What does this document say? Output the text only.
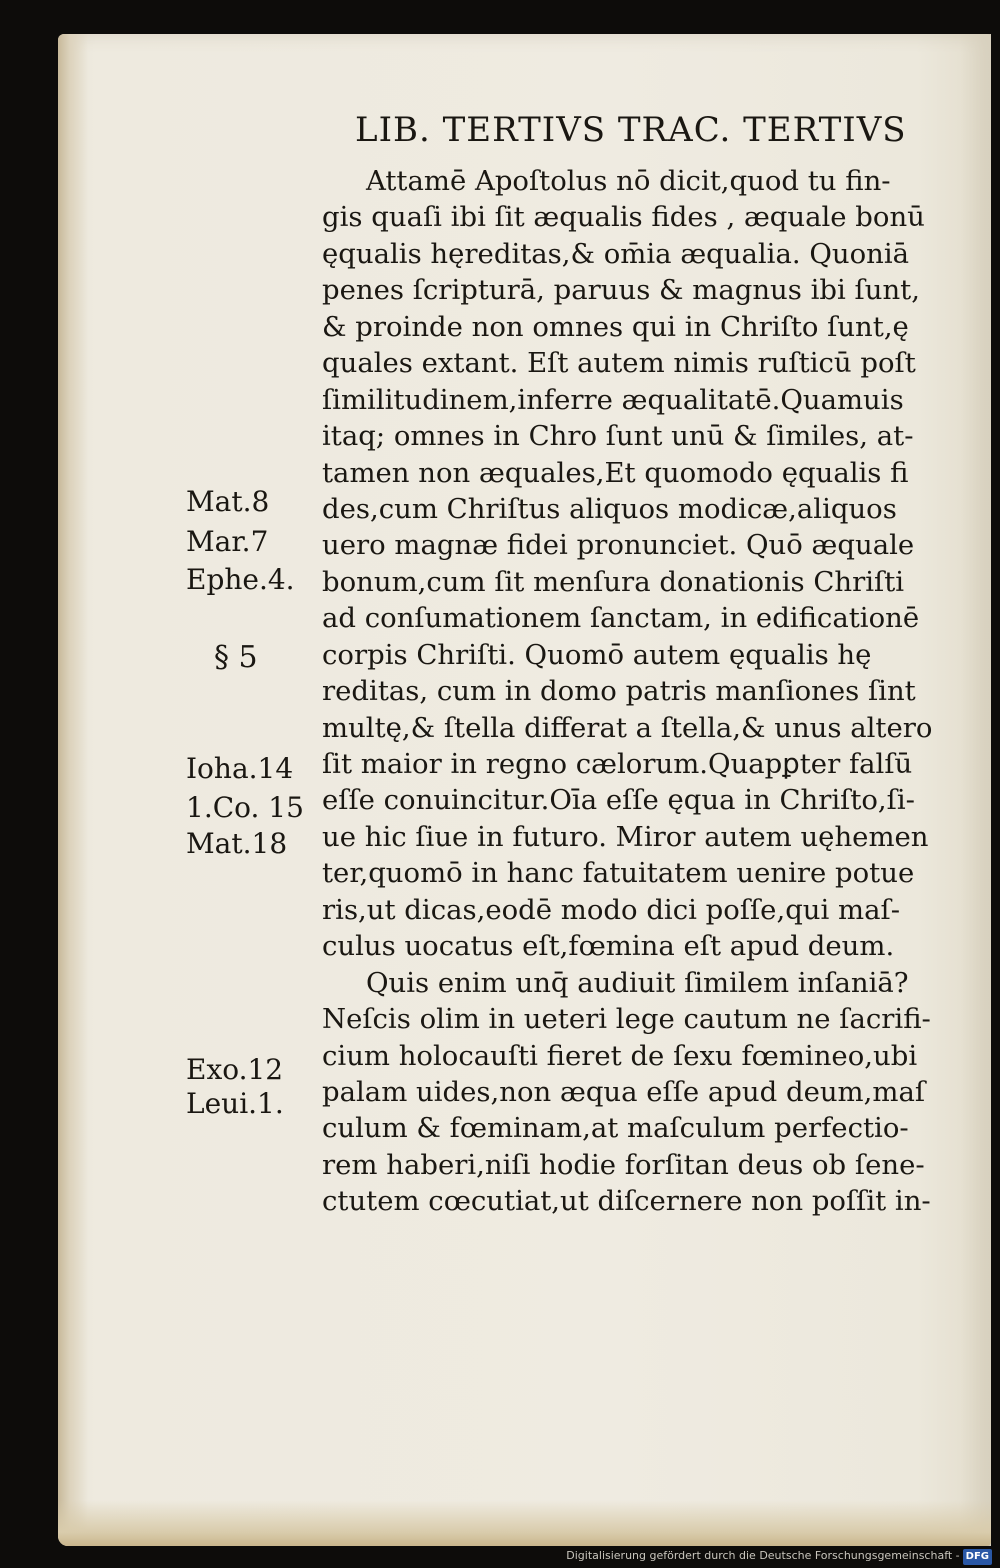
LIB. TERTIVS TRAC. TERTIVS
Attamē Apoſtolus nō dicit,quod tu fin-
gis quaſi ibi ſit æqualis fides , æquale bonū
ęqualis hęreditas,& om̄ia æqualia. Quoniā
penes ſcripturā, paruus & magnus ibi ſunt,
& proinde non omnes qui in Chriſto ſunt,ę
quales extant. Eſt autem nimis ruſticū poſt
ſimilitudinem,inferre æqualitatē.Quamuis
itaq; omnes in Chro ſunt unū & ſimiles, at-
tamen non æquales,Et quomodo ęqualis fi
des,cum Chriſtus aliquos modicæ,aliquos
uero magnæ fidei pronunciet. Quō æquale
bonum,cum ſit menſura donationis Chriſti
ad conſumationem ſanctam, in edificationē
corpis Chriſti. Quomō autem ęqualis hę
reditas, cum in domo patris manſiones ſint
multę,& ſtella differat a ſtella,& unus altero
ſit maior in regno cælorum.Quapꝑter falſū
eſſe conuincitur.Oīa eſſe ęqua in Chriſto,ſi-
ue hic ſiue in futuro. Miror autem uęhemen
ter,quomō in hanc fatuitatem uenire potue
ris,ut dicas,eodē modo dici poſſe,qui maſ-
culus uocatus eſt,fœmina eſt apud deum.
Quis enim unq̄ audiuit ſimilem inſaniā?
Neſcis olim in ueteri lege cautum ne ſacrifi-
cium holocauſti fieret de ſexu fœmineo,ubi
palam uides,non æqua eſſe apud deum,maſ
culum & fœminam,at maſculum perfectio-
rem haberi,niſi hodie forſitan deus ob ſene-
ctutem cœcutiat,ut diſcernere non poſſit in-
Mat.8
Mar.7
Ephe.4.
§ 5
Ioha.14
1.Co. 15
Mat.18
Exo.12
Leui.1.
Digitalisierung gefördert durch die Deutsche Forschungsgemeinschaft - DFG
